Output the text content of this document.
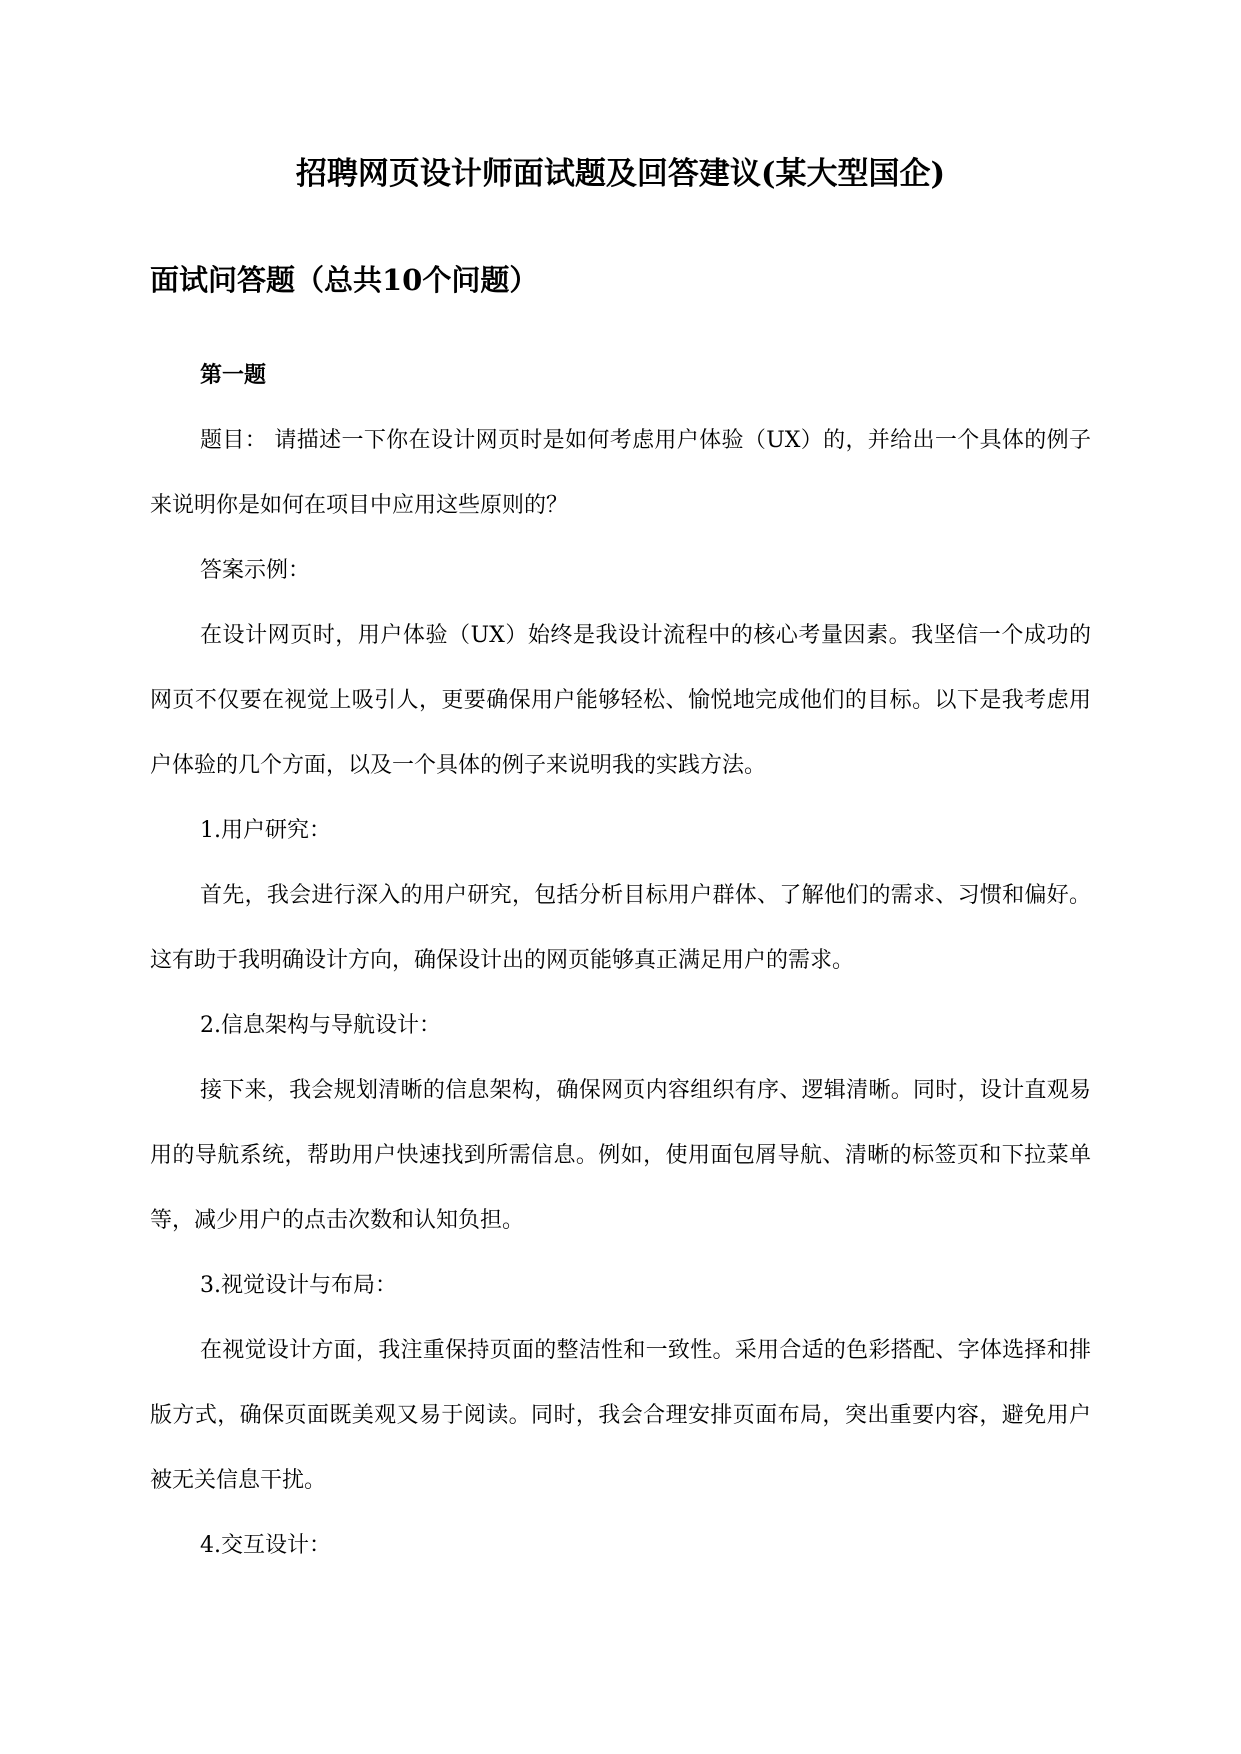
招聘网页设计师面试题及回答建议(某大型国企)
面试问答题（总共10个问题）

第一题

题目： 请描述一下你在设计网页时是如何考虑用户体验（UX）的，并给出一个具体的例子来说明你是如何在项目中应用这些原则的？

答案示例：

在设计网页时，用户体验（UX）始终是我设计流程中的核心考量因素。我坚信一个成功的网页不仅要在视觉上吸引人，更要确保用户能够轻松、愉悦地完成他们的目标。以下是我考虑用户体验的几个方面，以及一个具体的例子来说明我的实践方法。

1.用户研究：

首先，我会进行深入的用户研究，包括分析目标用户群体、了解他们的需求、习惯和偏好。这有助于我明确设计方向，确保设计出的网页能够真正满足用户的需求。

2.信息架构与导航设计：

接下来，我会规划清晰的信息架构，确保网页内容组织有序、逻辑清晰。同时，设计直观易用的导航系统，帮助用户快速找到所需信息。例如，使用面包屑导航、清晰的标签页和下拉菜单等，减少用户的点击次数和认知负担。

3.视觉设计与布局：

在视觉设计方面，我注重保持页面的整洁性和一致性。采用合适的色彩搭配、字体选择和排版方式，确保页面既美观又易于阅读。同时，我会合理安排页面布局，突出重要内容，避免用户被无关信息干扰。

4.交互设计：
